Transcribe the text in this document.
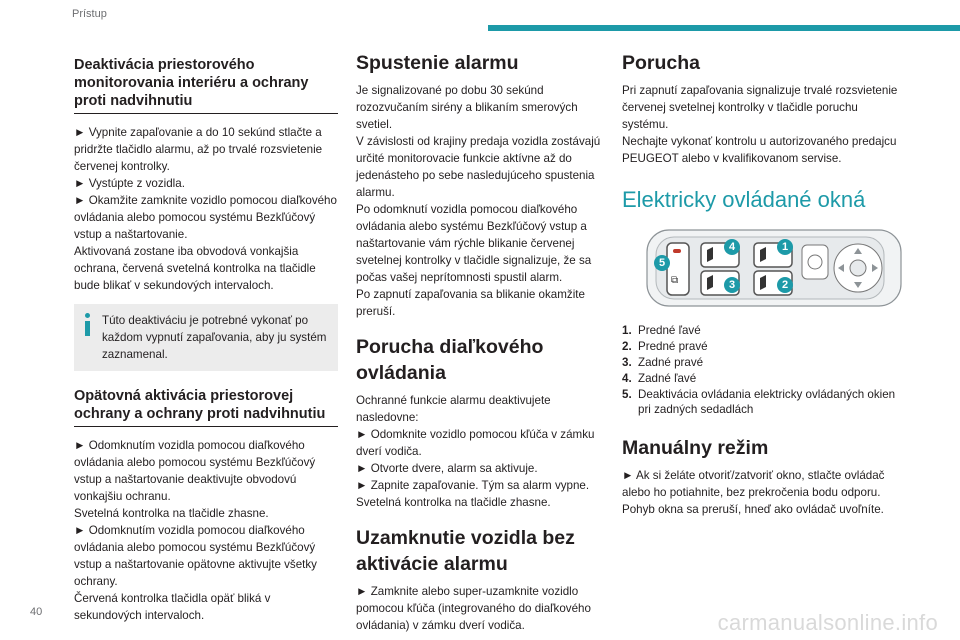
Prístup
Deaktivácia priestorového monitorovania interiéru a ochrany proti nadvihnutiu

► Vypnite zapaľovanie a do 10 sekúnd stlačte a pridržte tlačidlo alarmu, až po trvalé rozsvietenie červenej kontrolky.

► Vystúpte z vozidla.

► Okamžite zamknite vozidlo pomocou diaľkového ovládania alebo pomocou systému Bezkľúčový vstup a naštartovanie.

Aktivovaná zostane iba obvodová vonkajšia ochrana, červená svetelná kontrolka na tlačidle bude blikať v sekundových intervaloch.

Túto deaktiváciu je potrebné vykonať po každom vypnutí zapaľovania, aby ju systém zaznamenal.
Opätovná aktivácia priestorovej ochrany a ochrany proti nadvihnutiu

► Odomknutím vozidla pomocou diaľkového ovládania alebo pomocou systému Bezkľúčový vstup a naštartovanie deaktivujte obvodovú vonkajšiu ochranu.

Svetelná kontrolka na tlačidle zhasne.

► Odomknutím vozidla pomocou diaľkového ovládania alebo pomocou systému Bezkľúčový vstup a naštartovanie opätovne aktivujte všetky ochrany.

Červená kontrolka tlačidla opäť bliká v sekundových intervaloch.

Spustenie alarmu

Je signalizované po dobu 30 sekúnd rozozvučaním sirény a blikaním smerových svetiel.

V závislosti od krajiny predaja vozidla zostávajú určité monitorovacie funkcie aktívne až do jedenásteho po sebe nasledujúceho spustenia alarmu.

Po odomknutí vozidla pomocou diaľkového ovládania alebo systému Bezkľúčový vstup a naštartovanie vám rýchle blikanie červenej svetelnej kontrolky v tlačidle signalizuje, že sa počas vašej neprítomnosti spustil alarm.

Po zapnutí zapaľovania sa blikanie okamžite preruší.

Porucha diaľkového ovládania

Ochranné funkcie alarmu deaktivujete nasledovne:

► Odomknite vozidlo pomocou kľúča v zámku dverí vodiča.

► Otvorte dvere, alarm sa aktivuje.

► Zapnite zapaľovanie. Tým sa alarm vypne.

Svetelná kontrolka na tlačidle zhasne.

Uzamknutie vozidla bez aktivácie alarmu

► Zamknite alebo super-uzamknite vozidlo pomocou kľúča (integrovaného do diaľkového ovládania) v zámku dverí vodiča.

Porucha

Pri zapnutí zapaľovania signalizuje trvalé rozsvietenie červenej svetelnej kontrolky v tlačidle poruchu systému.

Nechajte vykonať kontrolu u autorizovaného predajcu PEUGEOT alebo v kvalifikovanom servise.

Elektricky ovládané okná
⧉
5
4
3
1
2
1. Predné ľavé
2. Predné pravé
3. Zadné pravé
4. Zadné ľavé
5. Deaktivácia ovládania elektricky ovládaných okien pri zadných sedadlách
Manuálny režim

► Ak si želáte otvoriť/zatvoriť okno, stlačte ovládač alebo ho potiahnite, bez prekročenia bodu odporu. Pohyb okna sa preruší, hneď ako ovládač uvoľníte.

40	carmanualsonline.info
